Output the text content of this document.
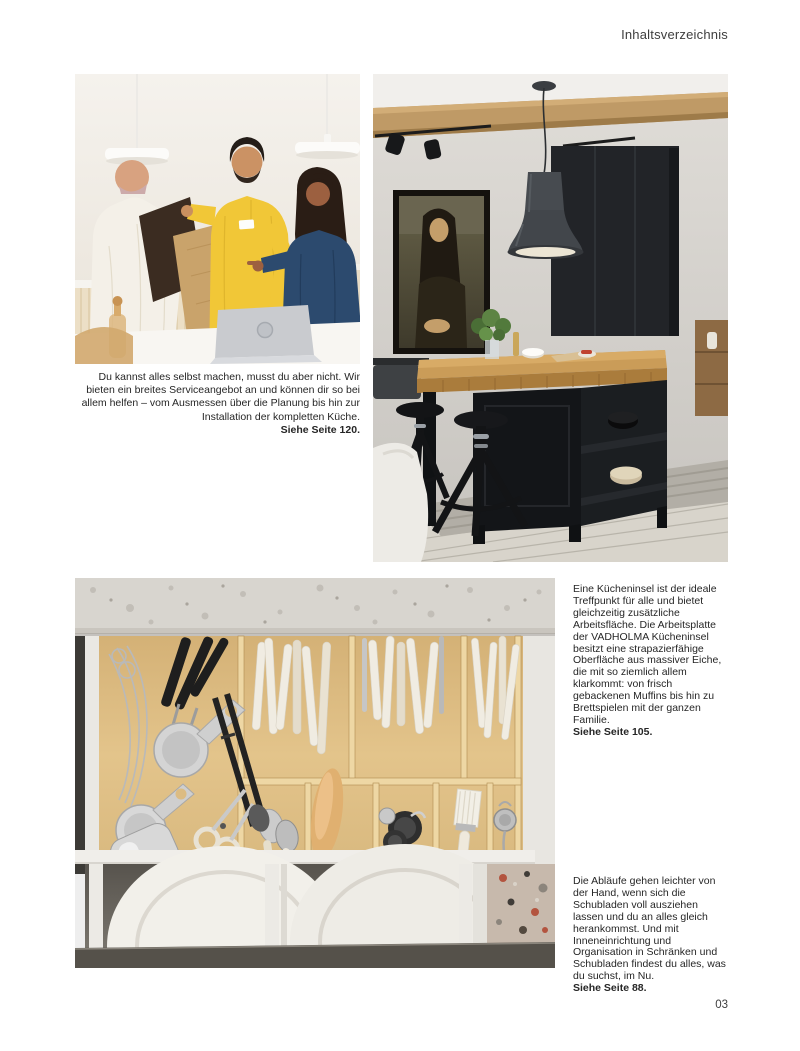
Inhaltsverzeichnis
Du kannst alles selbst machen, musst du aber nicht. Wir bieten ein breites Serviceangebot an und können dir so bei allem helfen – vom Ausmessen über die Planung bis hin zur Installation der kompletten Küche.
Siehe Seite 120.
Eine Kücheninsel ist der ideale Treffpunkt für alle und bietet gleichzeitig zusätzliche Arbeitsfläche. Die Arbeitsplatte der VADHOLMA Kücheninsel besitzt eine strapazierfähige Oberfläche aus massiver Eiche, die mit so ziemlich allem klarkommt: von frisch gebackenen Muffins bis hin zu Brettspielen mit der ganzen Familie.
Siehe Seite 105.
Die Abläufe gehen leichter von der Hand, wenn sich die Schubladen voll ausziehen lassen und du an alles gleich herankommst. Und mit Inneneinrichtung und Organisation in Schränken und Schubladen findest du alles, was du suchst, im Nu.
Siehe Seite 88.
03
